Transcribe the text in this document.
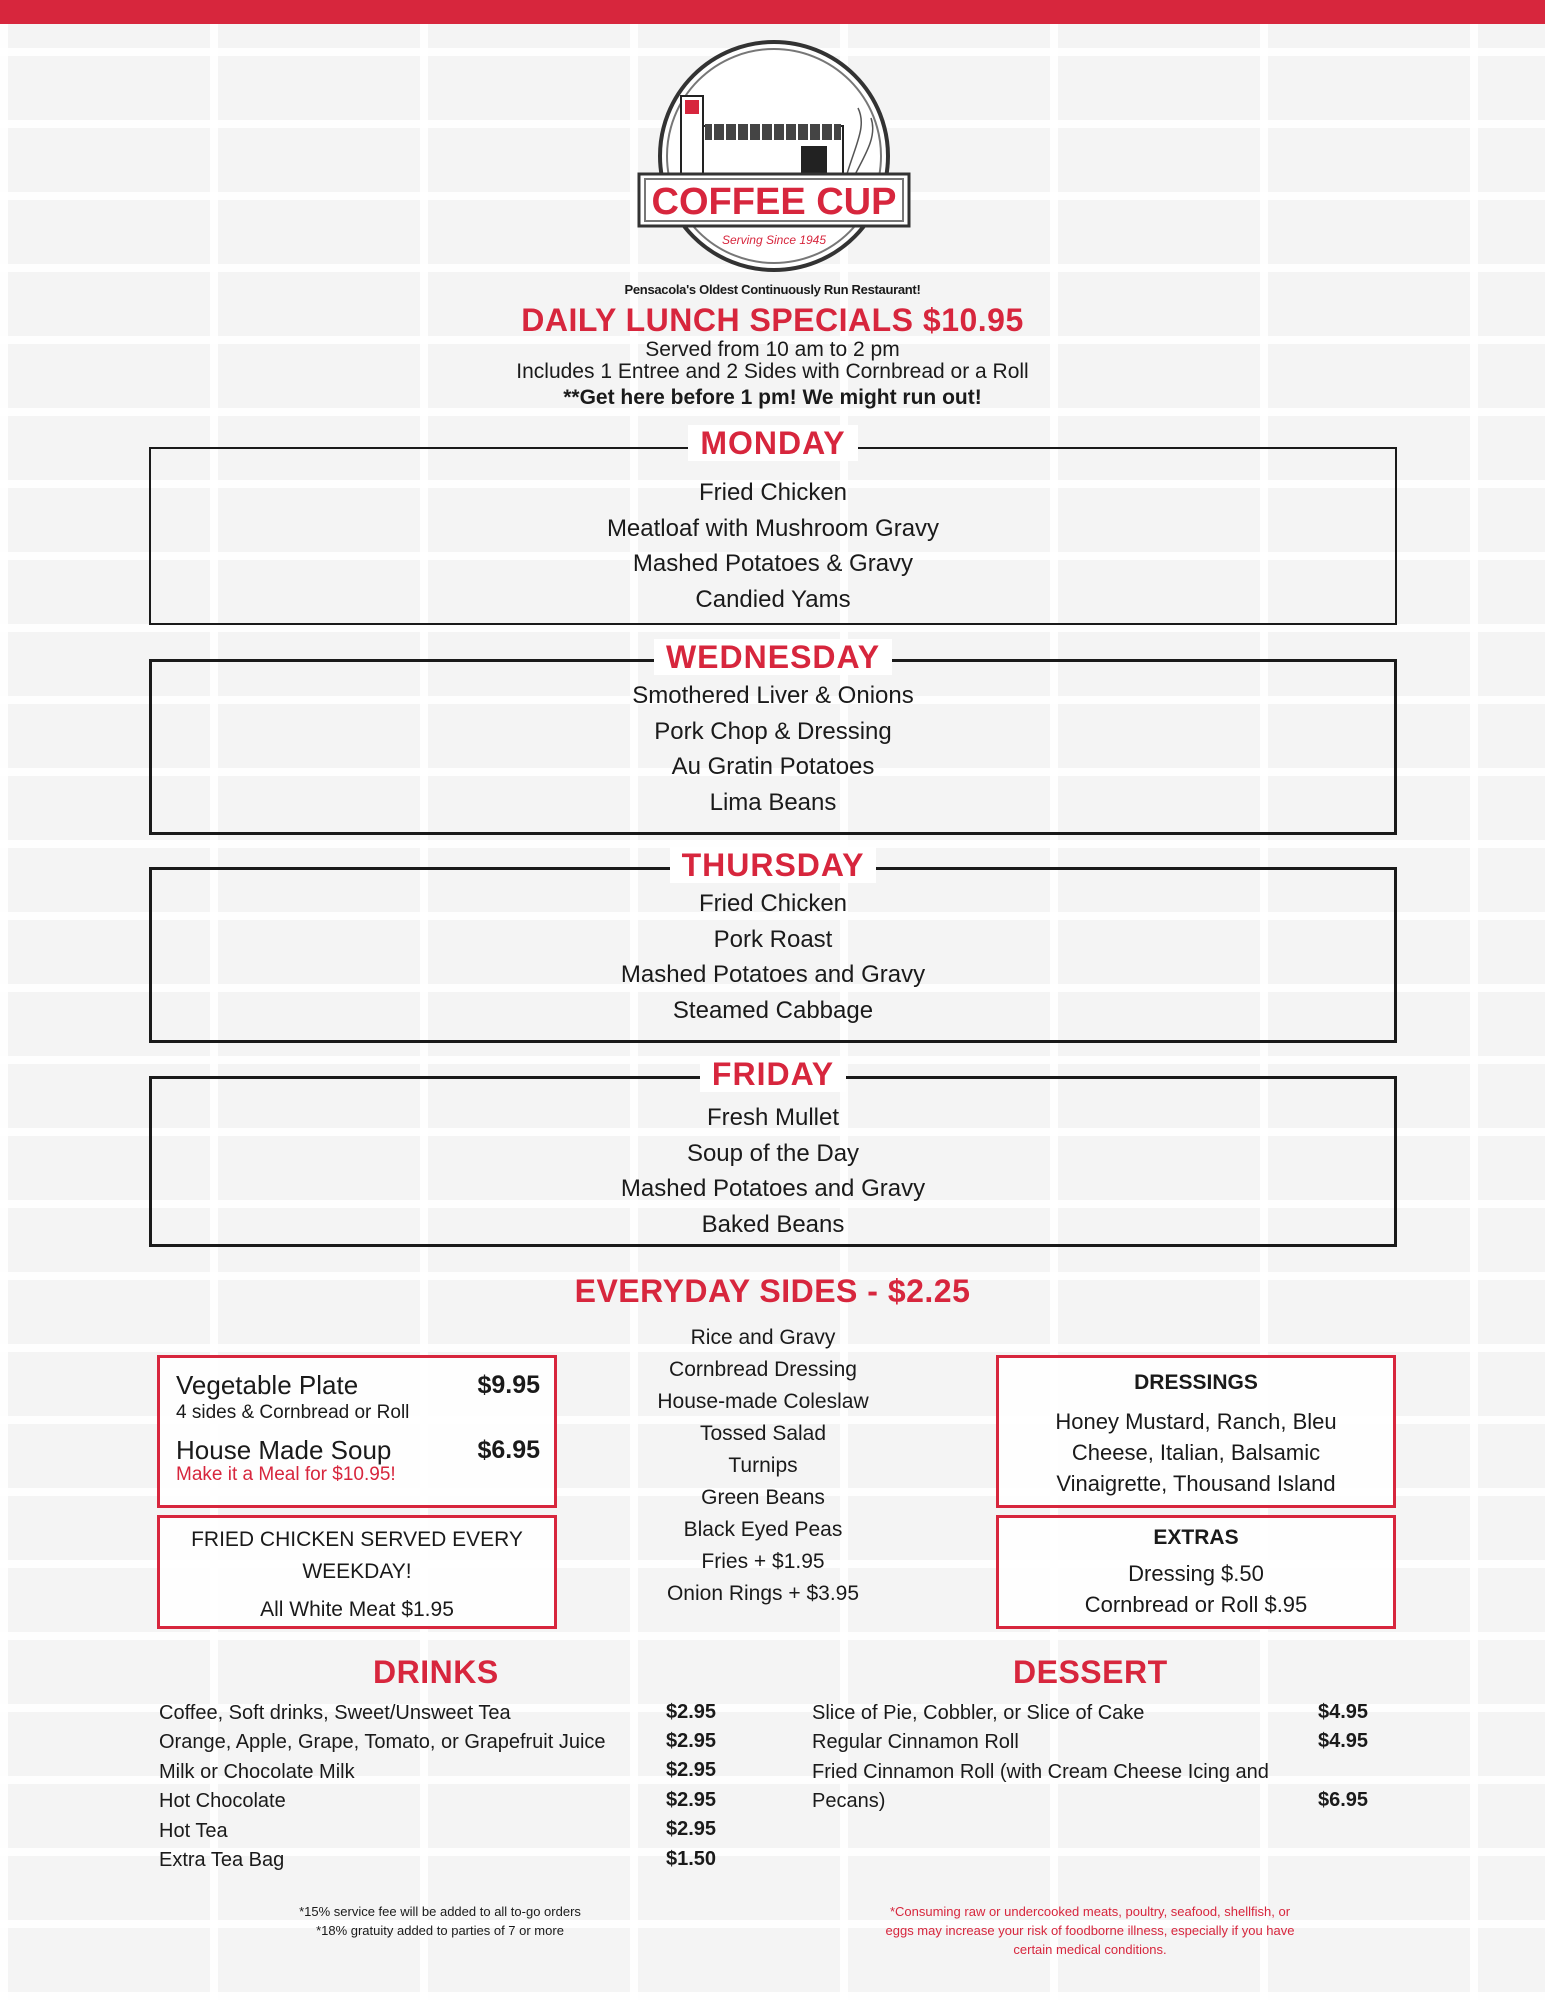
COFFEE CUP
Serving Since 1945
Pensacola's Oldest Continuously Run Restaurant!
DAILY LUNCH SPECIALS $10.95
Served from 10 am to 2 pm
Includes 1 Entree and 2 Sides with Cornbread or a Roll
**Get here before 1 pm! We might run out!
MONDAY
Fried Chicken
Meatloaf with Mushroom Gravy
Mashed Potatoes & Gravy
Candied Yams
WEDNESDAY
Smothered Liver & Onions
Pork Chop & Dressing
Au Gratin Potatoes
Lima Beans
THURSDAY
Fried Chicken
Pork Roast
Mashed Potatoes and Gravy
Steamed Cabbage
FRIDAY
Fresh Mullet
Soup of the Day
Mashed Potatoes and Gravy
Baked Beans
EVERYDAY SIDES - $2.25
Rice and Gravy
Cornbread Dressing
House-made Coleslaw
Tossed Salad
Turnips
Green Beans
Black Eyed Peas
Fries + $1.95
Onion Rings + $3.95
Vegetable Plate	$9.95
4 sides & Cornbread or Roll
House Made Soup	$6.95
Make it a Meal for $10.95!
FRIED CHICKEN SERVED EVERY
WEEKDAY!
All White Meat $1.95
DRESSINGS
Honey Mustard, Ranch, Bleu
Cheese, Italian, Balsamic
Vinaigrette, Thousand Island
EXTRAS
Dressing $.50
Cornbread or Roll $.95
DRINKS
Coffee, Soft drinks, Sweet/Unsweet Tea	$2.95
Orange, Apple, Grape, Tomato, or Grapefruit Juice	$2.95
Milk or Chocolate Milk	$2.95
Hot Chocolate	$2.95
Hot Tea	$2.95
Extra Tea Bag	$1.50
DESSERT
Slice of Pie, Cobbler, or Slice of Cake	$4.95
Regular Cinnamon Roll	$4.95
Fried Cinnamon Roll (with Cream Cheese Icing and
Pecans)	$6.95
*15% service fee will be added to all to-go orders
*18% gratuity added to parties of 7 or more
*Consuming raw or undercooked meats, poultry, seafood, shellfish, or
eggs may increase your risk of foodborne illness, especially if you have
certain medical conditions.
